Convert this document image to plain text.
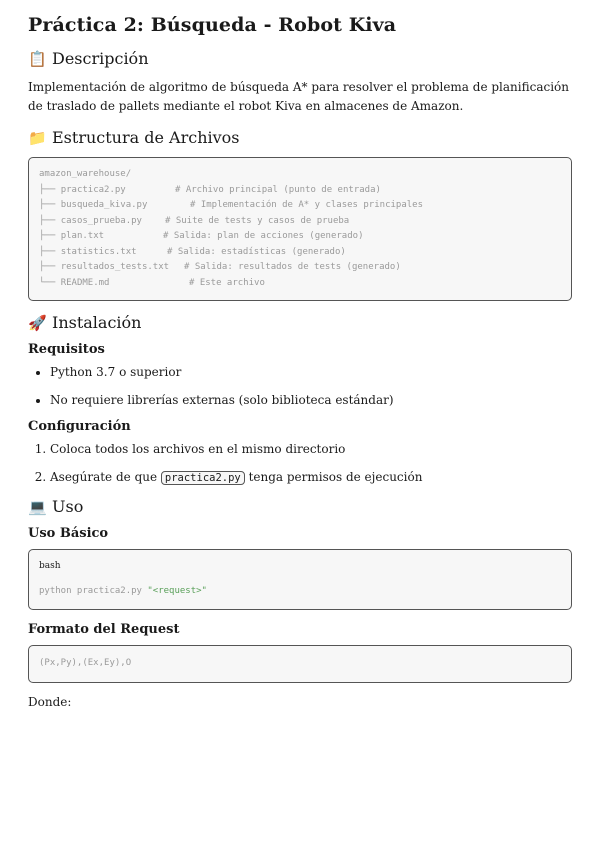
Práctica 2: Búsqueda - Robot Kiva
📋 Descripción

Implementación de algoritmo de búsqueda A* para resolver el problema de planificación de traslado de pallets mediante el robot Kiva en almacenes de Amazon.

📁 Estructura de Archivos
amazon_warehouse/
├── practica2.py	# Archivo principal (punto de entrada)
├── busqueda_kiva.py	# Implementación de A* y clases principales
├── casos_prueba.py	# Suite de tests y casos de prueba
├── plan.txt	# Salida: plan de acciones (generado)
├── statistics.txt	# Salida: estadísticas (generado)
├── resultados_tests.txt	# Salida: resultados de tests (generado)
└── README.md	# Este archivo
🚀 Instalación
Requisitos
• Python 3.7 o superior
• No requiere librerías externas (solo biblioteca estándar)
Configuración
1. Coloca todos los archivos en el mismo directorio
2. Asegúrate de que practica2.py tenga permisos de ejecución
💻 Uso
Uso Básico
bash
python practica2.py "<request>"
Formato del Request
(Px,Py),(Ex,Ey),O
Donde:
